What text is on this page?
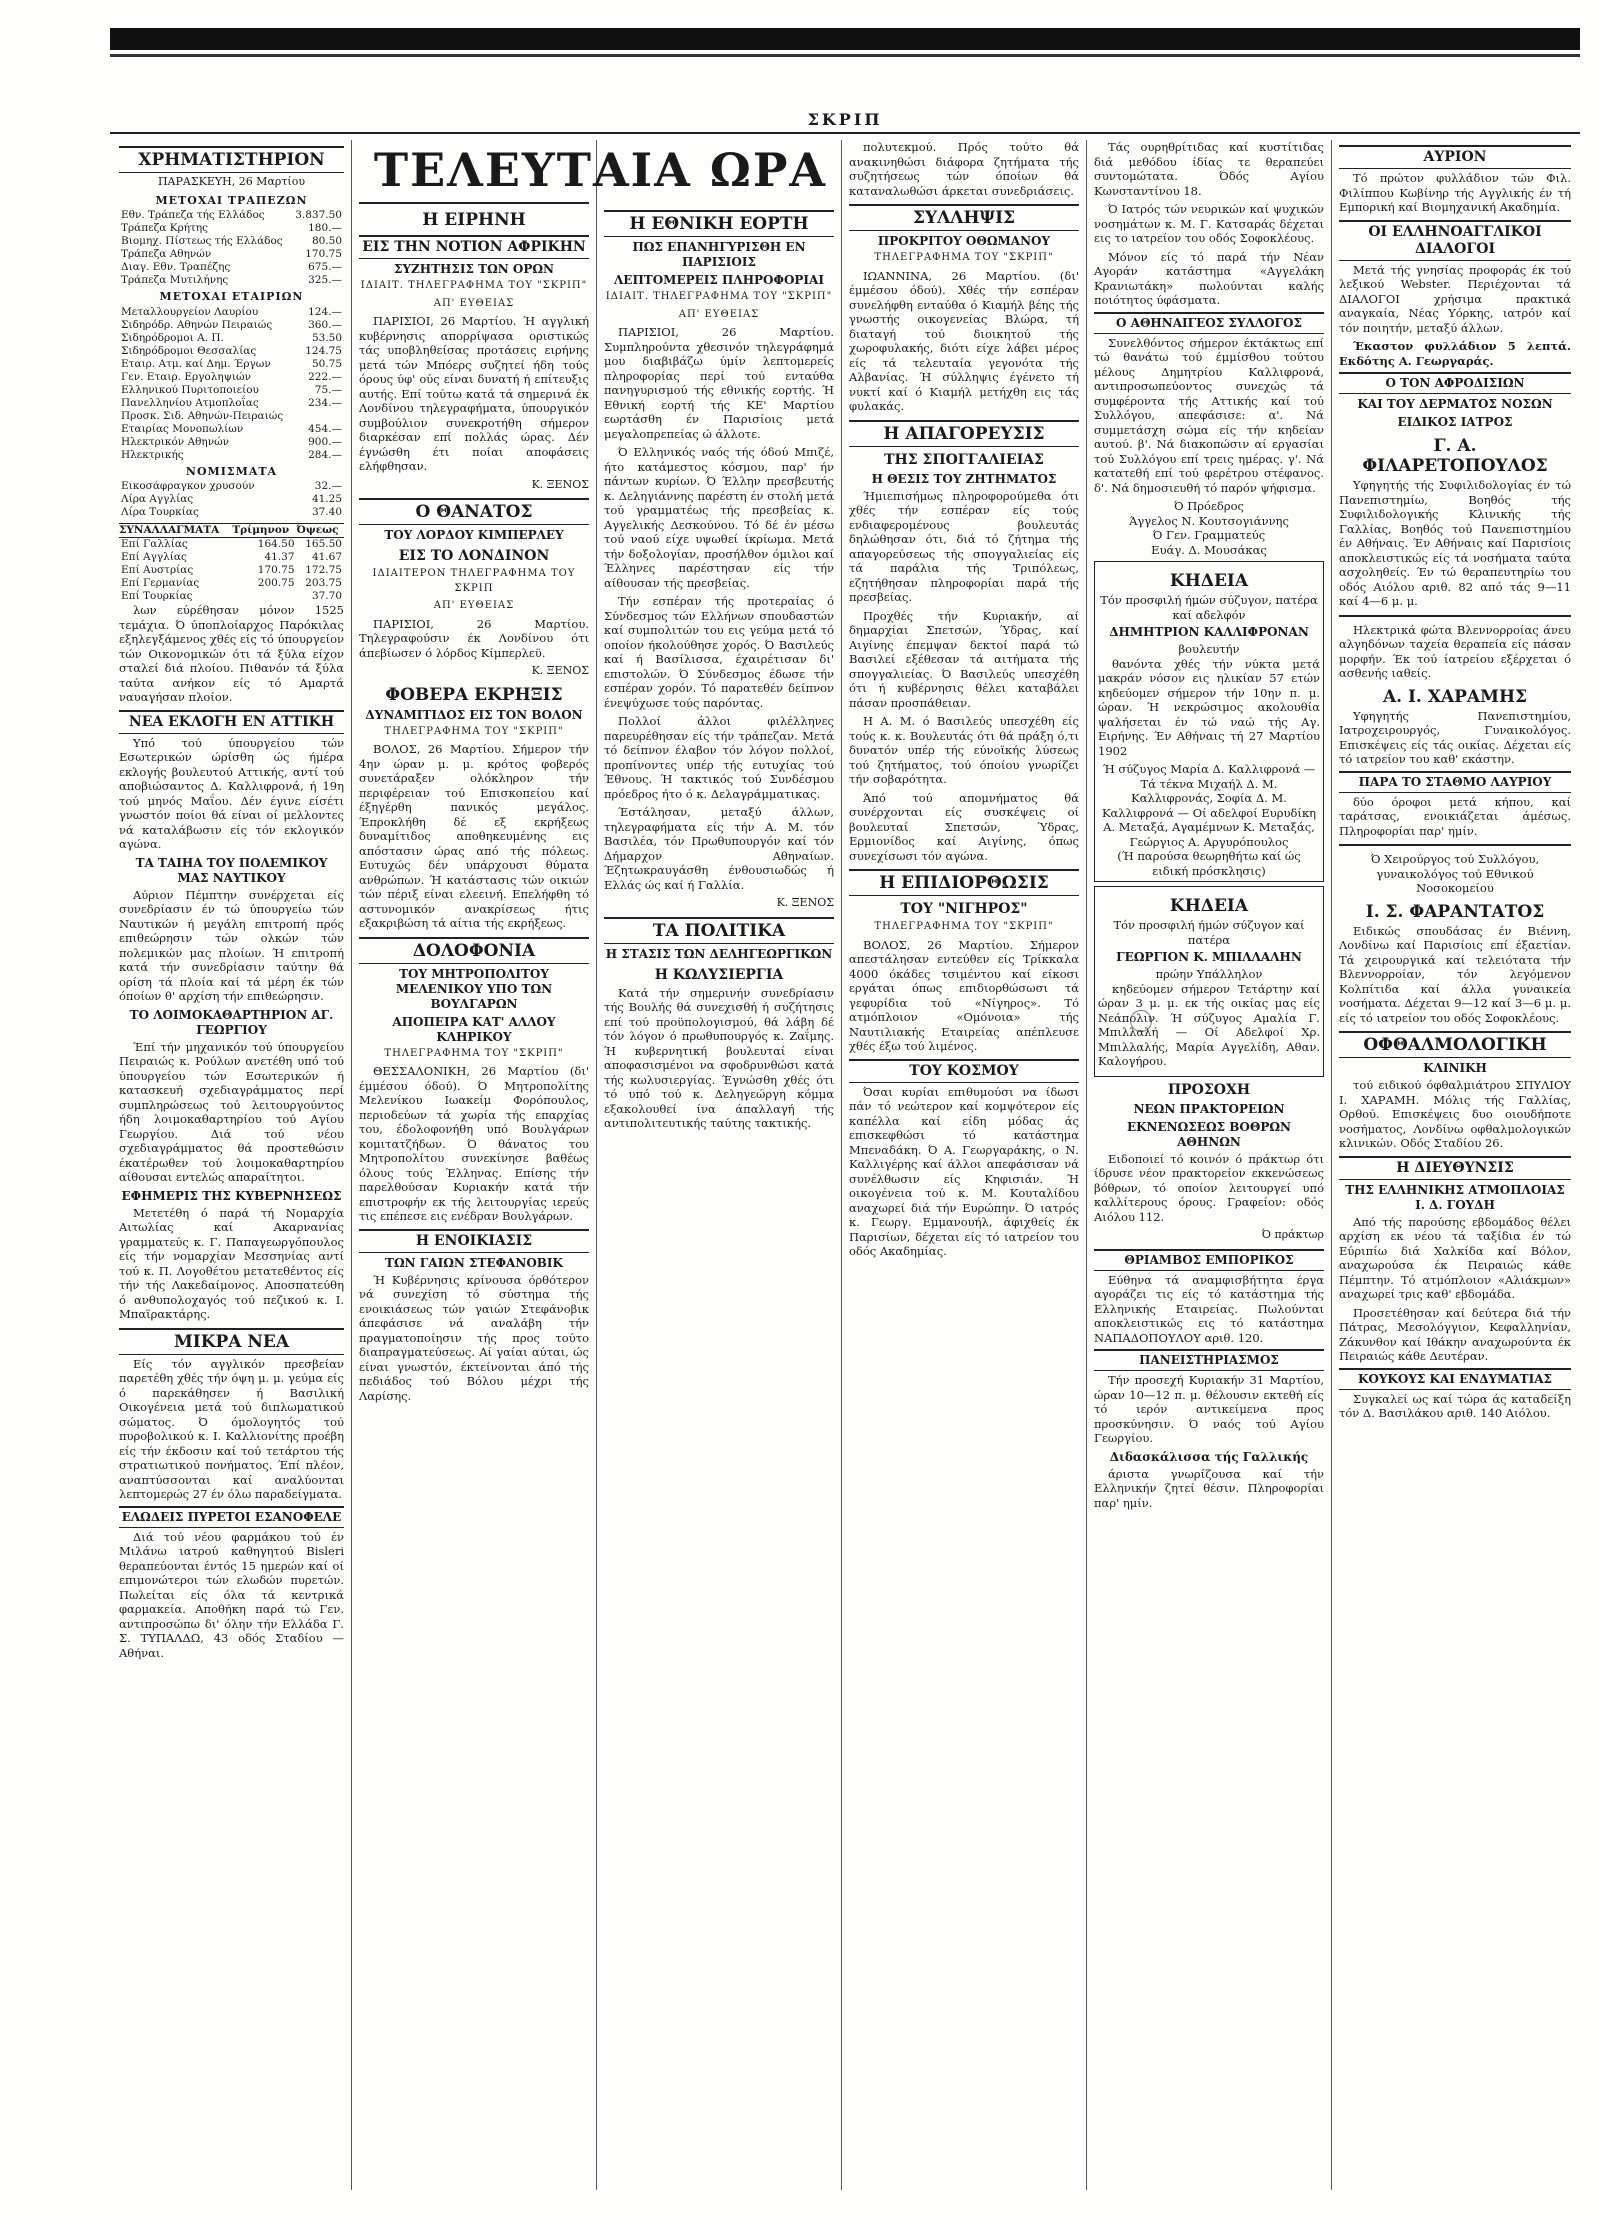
ΣΚΡΙΠ
ΧΡΗΜΑΤΙΣΤΗΡΙΟΝ
ΠΑΡΑΣΚΕΥΗ, 26 Μαρτίου
ΜΕΤΟΧΑΙ ΤΡΑΠΕΖΩΝ
Εθν. Τράπεζα τής Ελλάδος	3.837.50
Τράπεζα Κρήτης	180.—
Βιομηχ. Πίστεως τής Ελλάδος	80.50
Τράπεζα Αθηνών	170.75
Διαγ. Εθν. Τραπέζης	675.—
Τράπεζα Μυτιλήνης	325.—
ΜΕΤΟΧΑΙ ΕΤΑΙΡΙΩΝ
Μεταλλουργείον Λαυρίου	124.—
Σιδηρόδρ. Αθηνών Πειραιώς	360.—
Σιδηρόδρομοι Α. Π.	53.50
Σιδηρόδρομοι Θεσσαλίας	124.75
Εταιρ. Ατμ. καί Δημ. Έργων	50.75
Γεν. Εταιρ. Εργοληψιών	222.—
Ελληνικού Πυριτοποιείου	75.—
Πανελληνίου Ατμοπλοΐας	234.—
Προσκ. Σιδ. Αθηνών-Πειραιώς	
Εταιρίας Μονοπωλίων	454.—
Ηλεκτρικόν Αθηνών	900.—
Ηλεκτρικής	284.—
ΝΟΜΙΣΜΑΤΑ
Εικοσάφραγκον χρυσούν	32.—
Λίρα Αγγλίας	41.25
Λίρα Τουρκίας	37.40
ΣΥΝΑΛΛΑΓΜΑΤΑ	Τρίμηνον	Όψεως
Επί Γαλλίας	164.50	165.50
Επί Αγγλίας	41.37	41.67
Επί Αυστρίας	170.75	172.75
Επί Γερμανίας	200.75	203.75
Επί Τουρκίας		37.70

λων εύρέθησαν μόνον 1525 τεμάχια. Ό ύποπλοίαρχος Παρόκιλας εξηλεγξάμενος χθές είς τό ύπουργείον τών Οικονομικών ότι τά ξύλα είχον σταλεί διά πλοίου. Πιθανόν τά ξύλα ταύτα ανήκον είς τό Αμαρτά ναυαγήσαν πλοίον.

ΝΕΑ ΕΚΛΟΓΗ ΕΝ ΑΤΤΙΚΗ

Υπό τού ύπουργείου τών Εσωτερικών ώρίσθη ώς ήμέρα εκλογής βουλευτού Αττικής, αντί τού αποβιώσαντος Δ. Καλλιφρονά, ή 19η τού μηνός Μαΐου. Δέν έγινε είσέτι γνωστόν ποίοι θά είναι οί μελλοντες νά καταλάβωσιν είς τόν εκλογικόν αγώνα.

ΤΑ ΤΑΙΗΑ ΤΟΥ ΠΟΛΕΜΙΚΟΥ ΜΑΣ ΝΑΥΤΙΚΟΥ

Αύριον Πέμπτην συνέρχεται είς συνεδρίασιν έν τώ ύπουργείω τών Ναυτικών ή μεγάλη επιτροπή πρός επιθεώρησιν τών ολκών τών πολεμικών μας πλοίων. Ή επιτροπή κατά τήν συνεδρίασιν ταύτην θά ορίση τά πλοία καί τά μέρη έκ τών όποίων θ' αρχίση τήν επιθεώρησιν.

ΤΟ ΛΟΙΜΟΚΑΘΑΡΤΗΡΙΟΝ ΑΓ. ΓΕΩΡΓΙΟΥ

Έπί τήν μηχανικόν τού ύπουργείου Πειραιώς κ. Ρούλων ανετέθη υπό τού ύπουργείου τών Εσωτερικών ή κατασκευή σχεδιαγράμματος περί συμπληρώσεως τού λειτουργούντος ήδη λοιμοκαθαρτηρίου τού Αγίου Γεωργίου. Διά τού νέου σχεδιαγράμματος θά προστεθώσιν έκατέρωθεν τού λοιμοκαθαρτηρίου αίθουσαι εντελώς απαραίτητοι.

ΕΦΗΜΕΡΙΣ ΤΗΣ ΚΥΒΕΡΝΗΣΕΩΣ

Μετετέθη ό παρά τή Νομαρχία Αιτωλίας καί Ακαρνανίας γραμματεύς κ. Γ. Παπαγεωργόπουλος είς τήν νομαρχίαν Μεσσηνίας αντί τού κ. Π. Λογοθέτου μετατεθέντος είς τήν τής Λακεδαίμονος. Αποσπατεύθη ό ανθυπολοχαγός τού πεζικού κ. Ι. Μπαϊρακτάρης.

ΜΙΚΡΑ ΝΕΑ

Είς τόν αγγλικόν πρεσβείαν παρετέθη χθές τήν όψη μ. μ. γεύμα είς ό παρεκάθησεν ή Βασιλική Οικογένεια μετά τού διπλωματικού σώματος. Ό όμολογητός τού πυροβολικού κ. Ι. Καλλιονίτης προέβη είς τήν έκδοσιν καί τού τετάρτου τής στρατιωτικού πονήματος. Έπί πλέον, αναπτύσσονται καί αναλύονται λεπτομερώς 27 έν όλω παραδείγματα.

ΕΛΩΔΕΙΣ ΠΥΡΕΤΟΙ ΕΣΑΝΟΦΕΛΕ

Διά τού νέου φαρμάκου τού έν Μιλάνω ιατρού καθηγητού Bisleri θεραπεύονται έντός 15 ημερών καί οί επιμονώτεροι τών ελωδών πυρετών. Πωλείται είς όλα τά κεντρικά φαρμακεία. Αποθήκη παρά τώ Γεν. αντιπροσώπω δι' όλην τήν Ελλάδα Γ. Σ. ΤΥΠΑΛΔΩ, 43 οδός Σταδίου — Αθήναι.

ΤΕΛΕΥΤΑΙΑ ΩΡΑ
Η ΕΙΡΗΝΗ
ΕΙΣ ΤΗΝ ΝΟΤΙΟΝ ΑΦΡΙΚΗΝ
ΣΥΖΗΤΗΣΙΣ ΤΩΝ ΟΡΩΝ
ΙΔΙΑΙΤ. ΤΗΛΕΓΡΑΦΗΜΑ ΤΟΥ "ΣΚΡΙΠ"
ΑΠ' ΕΥΘΕΙΑΣ

ΠΑΡΙΣΙΟΙ, 26 Μαρτίου. Ή αγγλική κυβέρνησις απορρίψασα οριστικώς τάς υποβληθείσας προτάσεις ειρήνης μετά τών Μπόερς συζητεί ήδη τούς όρους ύφ' ούς είναι δυνατή ή επίτευξις αυτής. Επί τούτω κατά τά σημερινά έκ Λονδίνου τηλεγραφήματα, ύπουργικόν συμβούλιον συνεκροτήθη σήμερον διαρκέσαν επί πολλάς ώρας. Δέν έγνώσθη έτι ποίαι αποφάσεις ελήφθησαν.

Κ. ΞΕΝΟΣ
Ο ΘΑΝΑΤΟΣ
ΤΟΥ ΛΟΡΔΟΥ ΚΙΜΠΕΡΛΕΥ
ΕΙΣ ΤΟ ΛΟΝΔΙΝΟΝ
ΙΔΙΑΙΤΕΡΟΝ ΤΗΛΕΓΡΑΦΗΜΑ ΤΟΥ ΣΚΡΙΠ
ΑΠ' ΕΥΘΕΙΑΣ

ΠΑΡΙΣΙΟΙ, 26 Μαρτίου. Τηλεγραφούσιν έκ Λονδίνου ότι άπεβίωσεν ό λόρδος Κίμπερλεϋ.

Κ. ΞΕΝΟΣ
ΦΟΒΕΡΑ ΕΚΡΗΞΙΣ
ΔΥΝΑΜΙΤΙΔΟΣ ΕΙΣ ΤΟΝ ΒΟΛΟΝ
ΤΗΛΕΓΡΑΦΗΜΑ ΤΟΥ "ΣΚΡΙΠ"

ΒΟΛΟΣ, 26 Μαρτίου. Σήμερον τήν 4ην ώραν μ. μ. κρότος φοβερός συνετάραξεν ολόκληρον τήν περιφέρειαν τού Επισκοπείου καί έξηγέρθη πανικός μεγάλος. Έπροκλήθη δέ εξ εκρήξεως δυναμίτιδος αποθηκευμένης εις απόστασιν ώρας από τής πόλεως. Ευτυχώς δέν υπάρχουσι θύματα ανθρώπων. Ή κατάστασις τών οικιών τών πέριξ είναι ελεεινή. Επελήφθη τό αστυνομικόν ανακρίσεως ήτις εξακριβώση τά αίτια τής εκρήξεως.

ΔΟΛΟΦΟΝΙΑ
ΤΟΥ ΜΗΤΡΟΠΟΛΙΤΟΥ ΜΕΛΕΝΙΚΟΥ ΥΠΟ ΤΩΝ ΒΟΥΛΓΑΡΩΝ
ΑΠΟΠΕΙΡΑ ΚΑΤ' ΑΛΛΟΥ ΚΛΗΡΙΚΟΥ
ΤΗΛΕΓΡΑΦΗΜΑ ΤΟΥ "ΣΚΡΙΠ"

ΘΕΣΣΑΛΟΝΙΚΗ, 26 Μαρτίου (δι' έμμέσου όδού). Ό Μητροπολίτης Μελενίκου Ιωακείμ Φορόπουλος, περιοδεύων τά χωρία τής επαρχίας του, έδολοφονήθη υπό Βουλγάρων κομιτατζήδων. Ό θάνατος του Μητροπολίτου συνεκίνησε βαθέως όλους τούς Έλληνας. Επίσης τήν παρελθούσαν Κυριακήν κατά τήν επιστροφήν εκ τής λειτουργίας ιερεύς τις επέπεσε εις ενέδραν Βουλγάρων.

Η ΕΝΟΙΚΙΑΣΙΣ
ΤΩΝ ΓΑΙΩΝ ΣΤΕΦΑΝΟΒΙΚ

Ή Κυβέρνησις κρίνουσα όρθότερον νά συνεχίση τό σύστημα τής ενοικιάσεως τών γαιών Στεφάνοβικ άπεφάσισε νά αναλάβη τήν πραγματοποίησιν τής προς τούτο διαπραγματεύσεως. Αί γαίαι αύται, ώς είναι γνωστόν, έκτείνονται άπό τής πεδιάδος τού Βόλου μέχρι τής Λαρίσης.

Η ΕΘΝΙΚΗ ΕΟΡΤΗ
ΠΩΣ ΕΠΑΝΗΓΥΡΙΣΘΗ ΕΝ ΠΑΡΙΣΙΟΙΣ
ΛΕΠΤΟΜΕΡΕΙΣ ΠΛΗΡΟΦΟΡΙΑΙ
ΙΔΙΑΙΤ. ΤΗΛΕΓΡΑΦΗΜΑ ΤΟΥ "ΣΚΡΙΠ"
ΑΠ' ΕΥΘΕΙΑΣ

ΠΑΡΙΣΙΟΙ, 26 Μαρτίου. Συμπληρούντα χθεσινόν τηλεγράφημά μου διαβιβάζω ύμίν λεπτομερείς πληροφορίας περί τού ενταύθα πανηγυρισμού τής εθνικής εορτής. Ή Εθνική εορτή τής ΚΕ' Μαρτίου εωρτάσθη έν Παρισίοις μετά μεγαλοπρεπείας ώ άλλοτε.

Ό Ελληνικός ναός τής όδού Μπιζέ, ήτο κατάμεστος κόσμου, παρ' ήν πάντων κυρίων. Ό Έλλην πρεσβευτής κ. Δεληγιάννης παρέστη έν στολή μετά τού γραμματέως τής πρεσβείας κ. Αγγελικής Δεσκούνου. Τό δέ έν μέσω τού ναού είχε υψωθεί ίκρίωμα. Μετά τήν δοξολογίαν, προσήλθον όμιλοι καί Έλληνες παρέστησαν είς τήν αίθουσαν τής πρεσβείας.

Τήν εσπέραν τής προτεραίας ό Σύνδεσμος τών Ελλήνων σπουδαστών καί συμπολιτών του εις γεύμα μετά τό οποίον ήκολούθησε χορός. Ό Βασιλεύς καί ή Βασίλισσα, έχαιρέτισαν δι' επιστολών. Ό Σύνδεσμος έδωσε τήν εσπέραν χορόν. Τό παρατεθέν δείπνον ένεψύχωσε τούς παρόντας.

Πολλοί άλλοι φιλέλληνες παρευρέθησαν είς τήν τράπεζαν. Μετά τό δείπνον έλαβον τόν λόγον πολλοί, προπίνοντες υπέρ τής ευτυχίας τού Έθνους. Ή τακτικός τού Συνδέσμου πρόεδρος ήτο ό κ. Δελαγράμματικας.

Έστάλησαν, μεταξύ άλλων, τηλεγραφήματα είς τήν Α. Μ. τόν Βασιλέα, τόν Πρωθυπουργόν καί τόν Δήμαρχον Αθηναίων. Έζητωκραυγάσθη ένθουσιωδώς ή Ελλάς ώς καί ή Γαλλία.

Κ. ΞΕΝΟΣ
ΤΑ ΠΟΛΙΤΙΚΑ
Η ΣΤΑΣΙΣ ΤΩΝ ΔΕΛΗΓΕΩΡΓΙΚΩΝ
Η ΚΩΛΥΣΙΕΡΓΙΑ

Κατά τήν σημερινήν συνεδρίασιν τής Βουλής θά συνεχισθή ή συζήτησις επί τού προϋπολογισμού, θά λάβη δέ τόν λόγον ό πρωθυπουργός κ. Ζαΐμης. Ή κυβερνητική βουλευταί είναι αποφασισμένοι να σφοδρυνθώσι κατά τής κωλυσιεργίας. Έγνώσθη χθές ότι τό υπό τού κ. Δεληγεώργη κόμμα εξακολουθεί ίνα άπαλλαγή τής αντιπολιτευτικής ταύτης τακτικής.

πολυτεκμού. Πρός τούτο θά ανακινηθώσι διάφορα ζητήματα τής συζητήσεως τών όποίων θά καταναλωθώσι άρκεται συνεδριάσεις.

ΣΥΛΛΗΨΙΣ
ΠΡΟΚΡΙΤΟΥ ΟΘΩΜΑΝΟΥ
ΤΗΛΕΓΡΑΦΗΜΑ ΤΟΥ "ΣΚΡΙΠ"

ΙΩΑΝΝΙΝΑ, 26 Μαρτίου. (δι' έμμέσου όδού). Χθές τήν εσπέραν συνελήφθη ενταύθα ό Κιαμήλ βέης τής γνωστής οικογενείας Βλώρα, τή διαταγή τού διοικητού τής χωροφυλακής, διότι είχε λάβει μέρος είς τά τελευταία γεγονότα τής Αλβανίας. Ή σύλληψις έγένετο τή νυκτί καί ό Κιαμήλ μετήχθη εις τάς φυλακάς.

Η ΑΠΑΓΟΡΕΥΣΙΣ
ΤΗΣ ΣΠΟΓΓΑΛΙΕΙΑΣ
Η ΘΕΣΙΣ ΤΟΥ ΖΗΤΗΜΑΤΟΣ

Ήμιεπισήμως πληροφορούμεθα ότι χθές τήν εσπέραν είς τούς ενδιαφερομένους βουλευτάς δηλώθησαν ότι, διά τό ζήτημα τής απαγορεύσεως τής σπογγαλιείας είς τά παράλια τής Τριπόλεως, εζητήθησαν πληροφορίαι παρά τής πρεσβείας.

Προχθές τήν Κυριακήν, αί δημαρχίαι Σπετσών, Ύδρας, καί Αιγίνης έπεμψαν δεκτοί παρά τώ Βασιλεί εξέθεσαν τά αιτήματα τής σπογγαλιείας. Ό Βασιλεύς υπεσχέθη ότι ή κυβέρνησις θέλει καταβάλει πάσαν προσπάθειαν.

Η Α. Μ. ό Βασιλεύς υπεσχέθη είς τούς κ. κ. Βουλευτάς ότι θά πράξη ό,τι δυνατόν υπέρ τής εύνοϊκής λύσεως τού ζητήματος, τού όποίου γνωρίζει τήν σοβαρότητα.

Άπό τού απομνήματος θά συνέρχονται είς συσκέψεις οί βουλευταί Σπετσών, Ύδρας, Ερμιονίδος καί Αιγίνης, όπως συνεχίσωσι τόν αγώνα.

Η ΕΠΙΔΙΟΡΘΩΣΙΣ
ΤΟΥ "ΝΙΓΗΡΟΣ"
ΤΗΛΕΓΡΑΦΗΜΑ ΤΟΥ "ΣΚΡΙΠ"

ΒΟΛΟΣ, 26 Μαρτίου. Σήμερον απεστάλησαν εντεύθεν είς Τρίκκαλα 4000 όκάδες τσιμέντου καί είκοσι εργάται όπως επιδιορθώσωσι τά γεφυρίδια τού «Νίγηρος». Τό ατμόπλοιον «Ομόνοια» τής Ναυτιλιακής Εταιρείας απέπλευσε χθές έξω τού λιμένος.

ΤΟΥ ΚΟΣΜΟΥ

Όσαι κυρίαι επιθυμούσι να ίδωσι πάν τό νεώτερον καί κομψότερον είς καπέλλα καί είδη μόδας άς επισκεφθώσι τό κατάστημα Μπεναδάκη. Ό Α. Γεωργαράκης, ο Ν. Καλλιγέρης καί άλλοι απεφάσισαν νά συνέλθωσιν είς Κηφισιάν. Ή οικογένεια τού κ. Μ. Κουταλίδου αναχωρεί διά τήν Ευρώπην. Ό ιατρός κ. Γεωργ. Εμμανουήλ, άφιχθείς έκ Παρισίων, δέχεται είς τό ιατρείον του οδός Ακαδημίας.

Τάς ουρηθρίτιδας καί κυστίτιδας διά μεθόδου ίδίας τε θεραπεύει συντομώτατα. Όδός Αγίου Κωνσταντίνου 18.

Ό Ιατρός τών νευρικών καί ψυχικών νοσημάτων κ. Μ. Γ. Κατσαράς δέχεται εις το ιατρείον του οδός Σοφοκλέους.

Μόνον είς τό παρά τήν Νέαν Αγοράν κατάστημα «Αγγελάκη Κρανιωτάκη» πωλούνται καλής ποιότητος ύφάσματα.

Ο ΑΘΗΝΑΙΓΕΟΣ ΣΥΛΛΟΓΟΣ

Συνελθόντος σήμερον έκτάκτως επί τώ θανάτω τού έμμίσθου τούτου μέλους Δημητρίου Καλλιφρονά, αντιπροσωπεύοντος συνεχώς τά συμφέροντα τής Αττικής καί τού Συλλόγου, απεφάσισε: α'. Νά συμμετάσχη σώμα είς τήν κηδείαν αυτού. β'. Νά διακοπώσιν αί εργασίαι τού Συλλόγου επί τρεις ημέρας. γ'. Νά κατατεθή επί τού φερέτρου στέφανος. δ'. Νά δημοσιευθή τό παρόν ψήφισμα.

Ό Πρόεδρος
Άγγελος Ν. Κουτσογιάννης
Ό Γεν. Γραμματεύς
Ευάγ. Δ. Μουσάκας
ΚΗΔΕΙΑ
Τόν προσφιλή ήμών σύζυγον, πατέρα καί αδελφόν
ΔΗΜΗΤΡΙΟΝ ΚΑΛΛΙΦΡΟΝΑΝ
βουλευτήν

θανόντα χθές τήν νύκτα μετά μακράν νόσον εις ηλικίαν 57 ετών κηδεύομεν σήμερον τήν 10ην π. μ. ώραν. Ή νεκρώσιμος ακολουθία ψαλήσεται έν τώ ναώ τής Αγ. Ειρήνης. Έν Αθήναις τή 27 Μαρτίου 1902

Ή σύζυγος Μαρία Δ. Καλλιφρονά — Τά τέκνα Μιχαήλ Δ. Μ. Καλλιφρονάς, Σοφία Δ. Μ. Καλλιφρονά — Οί αδελφοί Ευρυδίκη Α. Μεταξά, Αγαμέμνων Κ. Μεταξάς, Γεώργιος Α. Αργυρόπουλος

(Ή παρούσα θεωρηθήτω καί ώς ειδική πρόσκλησις)

ΚΗΔΕΙΑ
Τόν προσφιλή ήμών σύζυγον καί πατέρα
ΓΕΩΡΓΙΟΝ Κ. ΜΠΙΛΛΑΛΗΝ
πρώην Υπάλληλον

κηδεύομεν σήμερον Τετάρτην καί ώραν 3 μ. μ. εκ τής οικίας μας είς Νεάπολιν. Ή σύζυγος Αμαλία Γ. Μπιλλαλή — Οί Αδελφοί Χρ. Μπιλλαλής, Μαρία Αγγελίδη, Αθαν. Καλογήρου.

ΠΡΟΣΟΧΗ
ΝΕΩΝ ΠΡΑΚΤΟΡΕΙΩΝ
ΕΚΝΕΝΩΣΕΩΣ ΒΟΘΡΩΝ ΑΘΗΝΩΝ

Ειδοποιεί τό κοινόν ό πράκτωρ ότι ίδρυσε νέον πρακτορείον εκκενώσεως βόθρων, τό οποίον λειτουργεί υπό καλλίτερους όρους. Γραφείον: οδός Αιόλου 112.

Ό πράκτωρ
ΘΡΙΑΜΒΟΣ ΕΜΠΟΡΙΚΟΣ

Εύθηνα τά αναμφισβήτητα έργα αγοράζει τις είς τό κατάστημα τής Ελληνικής Εταιρείας. Πωλούνται αποκλειστικώς εις τό κατάστημα ΝΑΠΑΔΟΠΟΥΛΟΥ αριθ. 120.

ΠΑΝΕΙΣΤΗΡΙΑΣΜΟΣ

Τήν προσεχή Κυριακήν 31 Μαρτίου, ώραν 10—12 π. μ. θέλουσιν εκτεθή είς τό ιερόν αντικείμενα προς προσκύνησιν. Ό ναός τού Αγίου Γεωργίου.

Διδασκάλισσα τής Γαλλικής

άριστα γνωρίζουσα καί τήν Ελληνικήν ζητεί θέσιν. Πληροφορίαι παρ' ημίν.

ΑΥΡΙΟΝ

Τό πρώτον φυλλάδιον τών Φιλ. Φιλίππου Κωβίνηρ τής Αγγλικής έν τή Εμπορική καί Βιομηχανική Ακαδημία.

ΟΙ ΕΛΛΗΝΟΑΓΓΛΙΚΟΙ ΔΙΑΛΟΓΟΙ

Μετά τής γνησίας προφοράς έκ τού λεξικού Webster. Περιέχονται τά ΔΙΑΛΟΓΟΙ χρήσιμα πρακτικά αναγκαία, Νέας Υόρκης, ιατρόν καί τόν ποιητήν, μεταξύ άλλων.

Έκαστον φυλλάδιον 5 λεπτά. Εκδότης Α. Γεωργαράς.

Ο ΤΟΝ ΑΦΡΟΔΙΣΙΩΝ
ΚΑΙ ΤΟΥ ΔΕΡΜΑΤΟΣ ΝΟΣΩΝ
ΕΙΔΙΚΟΣ ΙΑΤΡΟΣ
Γ. Α. ΦΙΛΑΡΕΤΟΠΟΥΛΟΣ

Υφηγητής τής Συφιλιδολογίας έν τώ Πανεπιστημίω, Βοηθός τής Συφιλιδολογικής Κλινικής τής Γαλλίας, Βοηθός τού Πανεπιστημίου έν Αθήναις. Έν Αθήναις καί Παρισίοις αποκλειστικώς είς τά νοσήματα ταύτα ασχοληθείς. Έν τώ θεραπευτηρίω του οδός Αιόλου αριθ. 82 από τάς 9—11 καί 4—6 μ. μ.

Ηλεκτρικά φώτα Βλεννορροίας άνευ αλγηδόνων ταχεία θεραπεία είς πάσαν μορφήν. Έκ τού ίατρείου εξέρχεται ό ασθενής ιαθείς.

Α. Ι. ΧΑΡΑΜΗΣ

Υφηγητής Πανεπιστημίου, Ιατροχειρουργός, Γυναικολόγος. Επισκέψεις είς τάς οικίας. Δέχεται είς τό ιατρείον του καθ' εκάστην.

ΠΑΡΑ ΤΟ ΣΤΑΘΜΟ ΛΑΥΡΙΟΥ

δύο όροφοι μετά κήπου, καί ταράτσας, ενοικιάζεται άμέσως. Πληροφορίαι παρ' ημίν.

Ό Χειρούργος τού Συλλόγου, γυναικολόγος τού Εθνικού Νοσοκομείου

Ι. Σ. ΦΑΡΑΝΤΑΤΟΣ

Ειδικώς σπουδάσας έν Βιέννη, Λονδίνω καί Παρισίοις επί έξαετίαν. Τά χειρουργικά καί τελειότατα τήν Βλεννορροίαν, τόν λεγόμενον Κολπίτιδα καί άλλα γυναικεία νοσήματα. Δέχεται 9—12 καί 3—6 μ. μ. είς τό ιατρείον του οδός Σοφοκλέους.

ΟΦΘΑΛΜΟΛΟΓΙΚΗ
ΚΛΙΝΙΚΗ

τού ειδικού όφθαλμιάτρου ΣΠΥΛΙΟΥ Ι. ΧΑΡΑΜΗ. Μόλις τής Γαλλίας, Ορθού. Επισκέψεις δυο οιουδήποτε νοσήματος, Λονδίνω οφθαλμολογικών κλινικών. Οδός Σταδίου 26.

Η ΔΙΕΥΘΥΝΣΙΣ
ΤΗΣ ΕΛΛΗΝΙΚΗΣ ΑΤΜΟΠΛΟΙΑΣ Ι. Δ. ΓΟΥΔΗ

Από τής παρούσης εβδομάδος θέλει αρχίση εκ νέου τά ταξίδια έν τώ Εύριπίω διά Χαλκίδα καί Βόλον, αναχωρούσα έκ Πειραιώς κάθε Πέμπτην. Τό ατμόπλοιον «Αλιάκμων» αναχωρεί τρις καθ' εβδομάδα.

Προσετέθησαν καί δεύτερα διά τήν Πάτρας, Μεσολόγγιον, Κεφαλληνίαν, Ζάκυνθον καί Ιθάκην αναχωρούντα έκ Πειραιώς κάθε Δευτέραν.

ΚΟΥΚΟΥΣ ΚΑΙ ΕΝΔΥΜΑΤΙΑΣ

Συγκαλεί ως καί τώρα άς καταδείξη τόν Δ. Βασιλάκου αριθ. 140 Αιόλου.
